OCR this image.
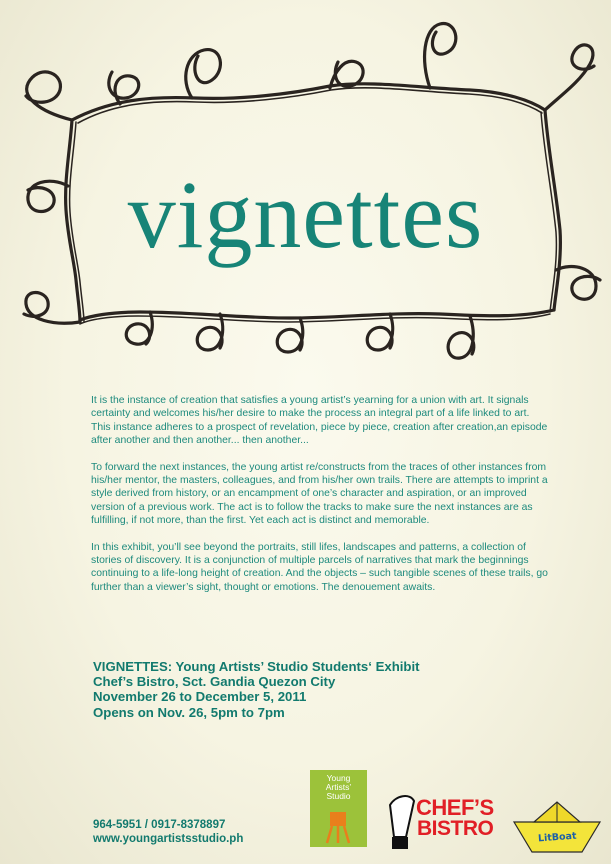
vignettes

It is the instance of creation that satisfies a young artist’s yearning for a union with art. It signals certainty and welcomes his/her desire to make the process an integral part of a life linked to art. This instance adheres to a prospect of revelation, piece by piece, creation after creation,an episode after another and then another... then another...

To forward the next instances, the young artist re/constructs from the traces of other instances from his/her mentor, the masters, colleagues, and from his/her own trails. There are attempts to imprint a style derived from history, or an encampment of one’s character and aspiration, or an improved version of a previous work. The act is to follow the tracks to make sure the next instances are as fulfilling, if not more, than the first. Yet each act is distinct and memorable.

In this exhibit, you’ll see beyond the portraits, still lifes, landscapes and patterns, a collection of stories of discovery. It is a conjunction of multiple parcels of narratives that mark the beginnings continuing to a life-long height of creation. And the objects – such tangible scenes of these trails, go further than a viewer’s sight, thought or emotions. The denouement awaits.

VIGNETTES: Young Artists’ Studio Students‘ Exhibit
Chef’s Bistro, Sct. Gandia Quezon City
November 26 to December 5, 2011
Opens on Nov. 26, 5pm to 7pm
964-5951 / 0917-8378897
www.youngartistsstudio.ph
Young
Artists’
Studio	CHEF’S
BISTRO	LitBoat
